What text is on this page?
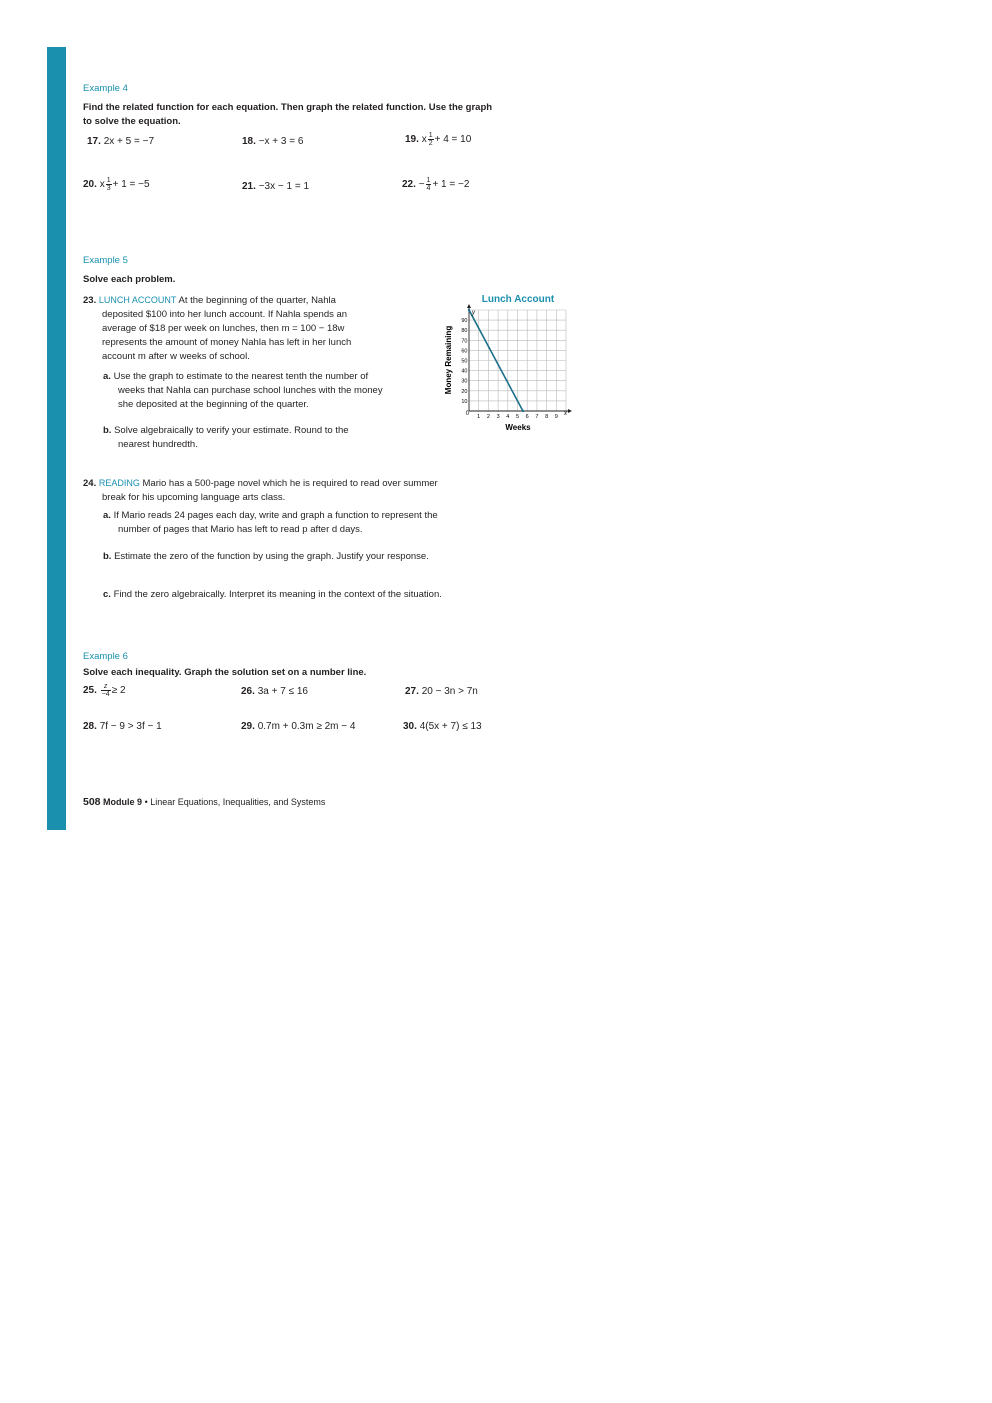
Example 4
Find the related function for each equation. Then graph the related function. Use the graph to solve the equation.
17. 2x + 5 = −7	18. −x + 3 = 6	19. x $\frac{1}{2} + 4 = 10$
20. x $\frac{1}{3} + 1 = -5$	21. −3x − 1 = 1	22. − $\frac{1}{4} + 1 = -2$
Example 5
Solve each problem.
23. LUNCH ACCOUNT At the beginning of the quarter, Nahla
deposited $100 into her lunch account. If Nahla spends an
average of $18 per week on lunches, then m = 100 − 18w
represents the amount of money Nahla has left in her lunch
account m after w weeks of school.
a. Use the graph to estimate to the nearest tenth the number of
weeks that Nahla can purchase school lunches with the money
she deposited at the beginning of the quarter.
b. Solve algebraically to verify your estimate. Round to the
nearest hundredth.
Lunch Account
1 2 3 4 5 6 7 8 9
10
20
30
40
50
60
70
80
90
0	x
y
Weeks
Money Remaining
24. READING Mario has a 500-page novel which he is required to read over summer
break for his upcoming language arts class.
a. If Mario reads 24 pages each day, write and graph a function to represent the
number of pages that Mario has left to read p after d days.
b. Estimate the zero of the function by using the graph. Justify your response.
c. Find the zero algebraically. Interpret its meaning in the context of the situation.
Example 6
Solve each inequality. Graph the solution set on a number line.
25. $\frac{z}{-4} \ge 2$	26. 3a + 7 ≤ 16	27. 20 − 3n > 7n
28. 7f − 9 > 3f − 1	29. 0.7m + 0.3m ≥ 2m − 4	30. 4(5x + 7) ≤ 13
508 Module 9 • Linear Equations, Inequalities, and Systems
